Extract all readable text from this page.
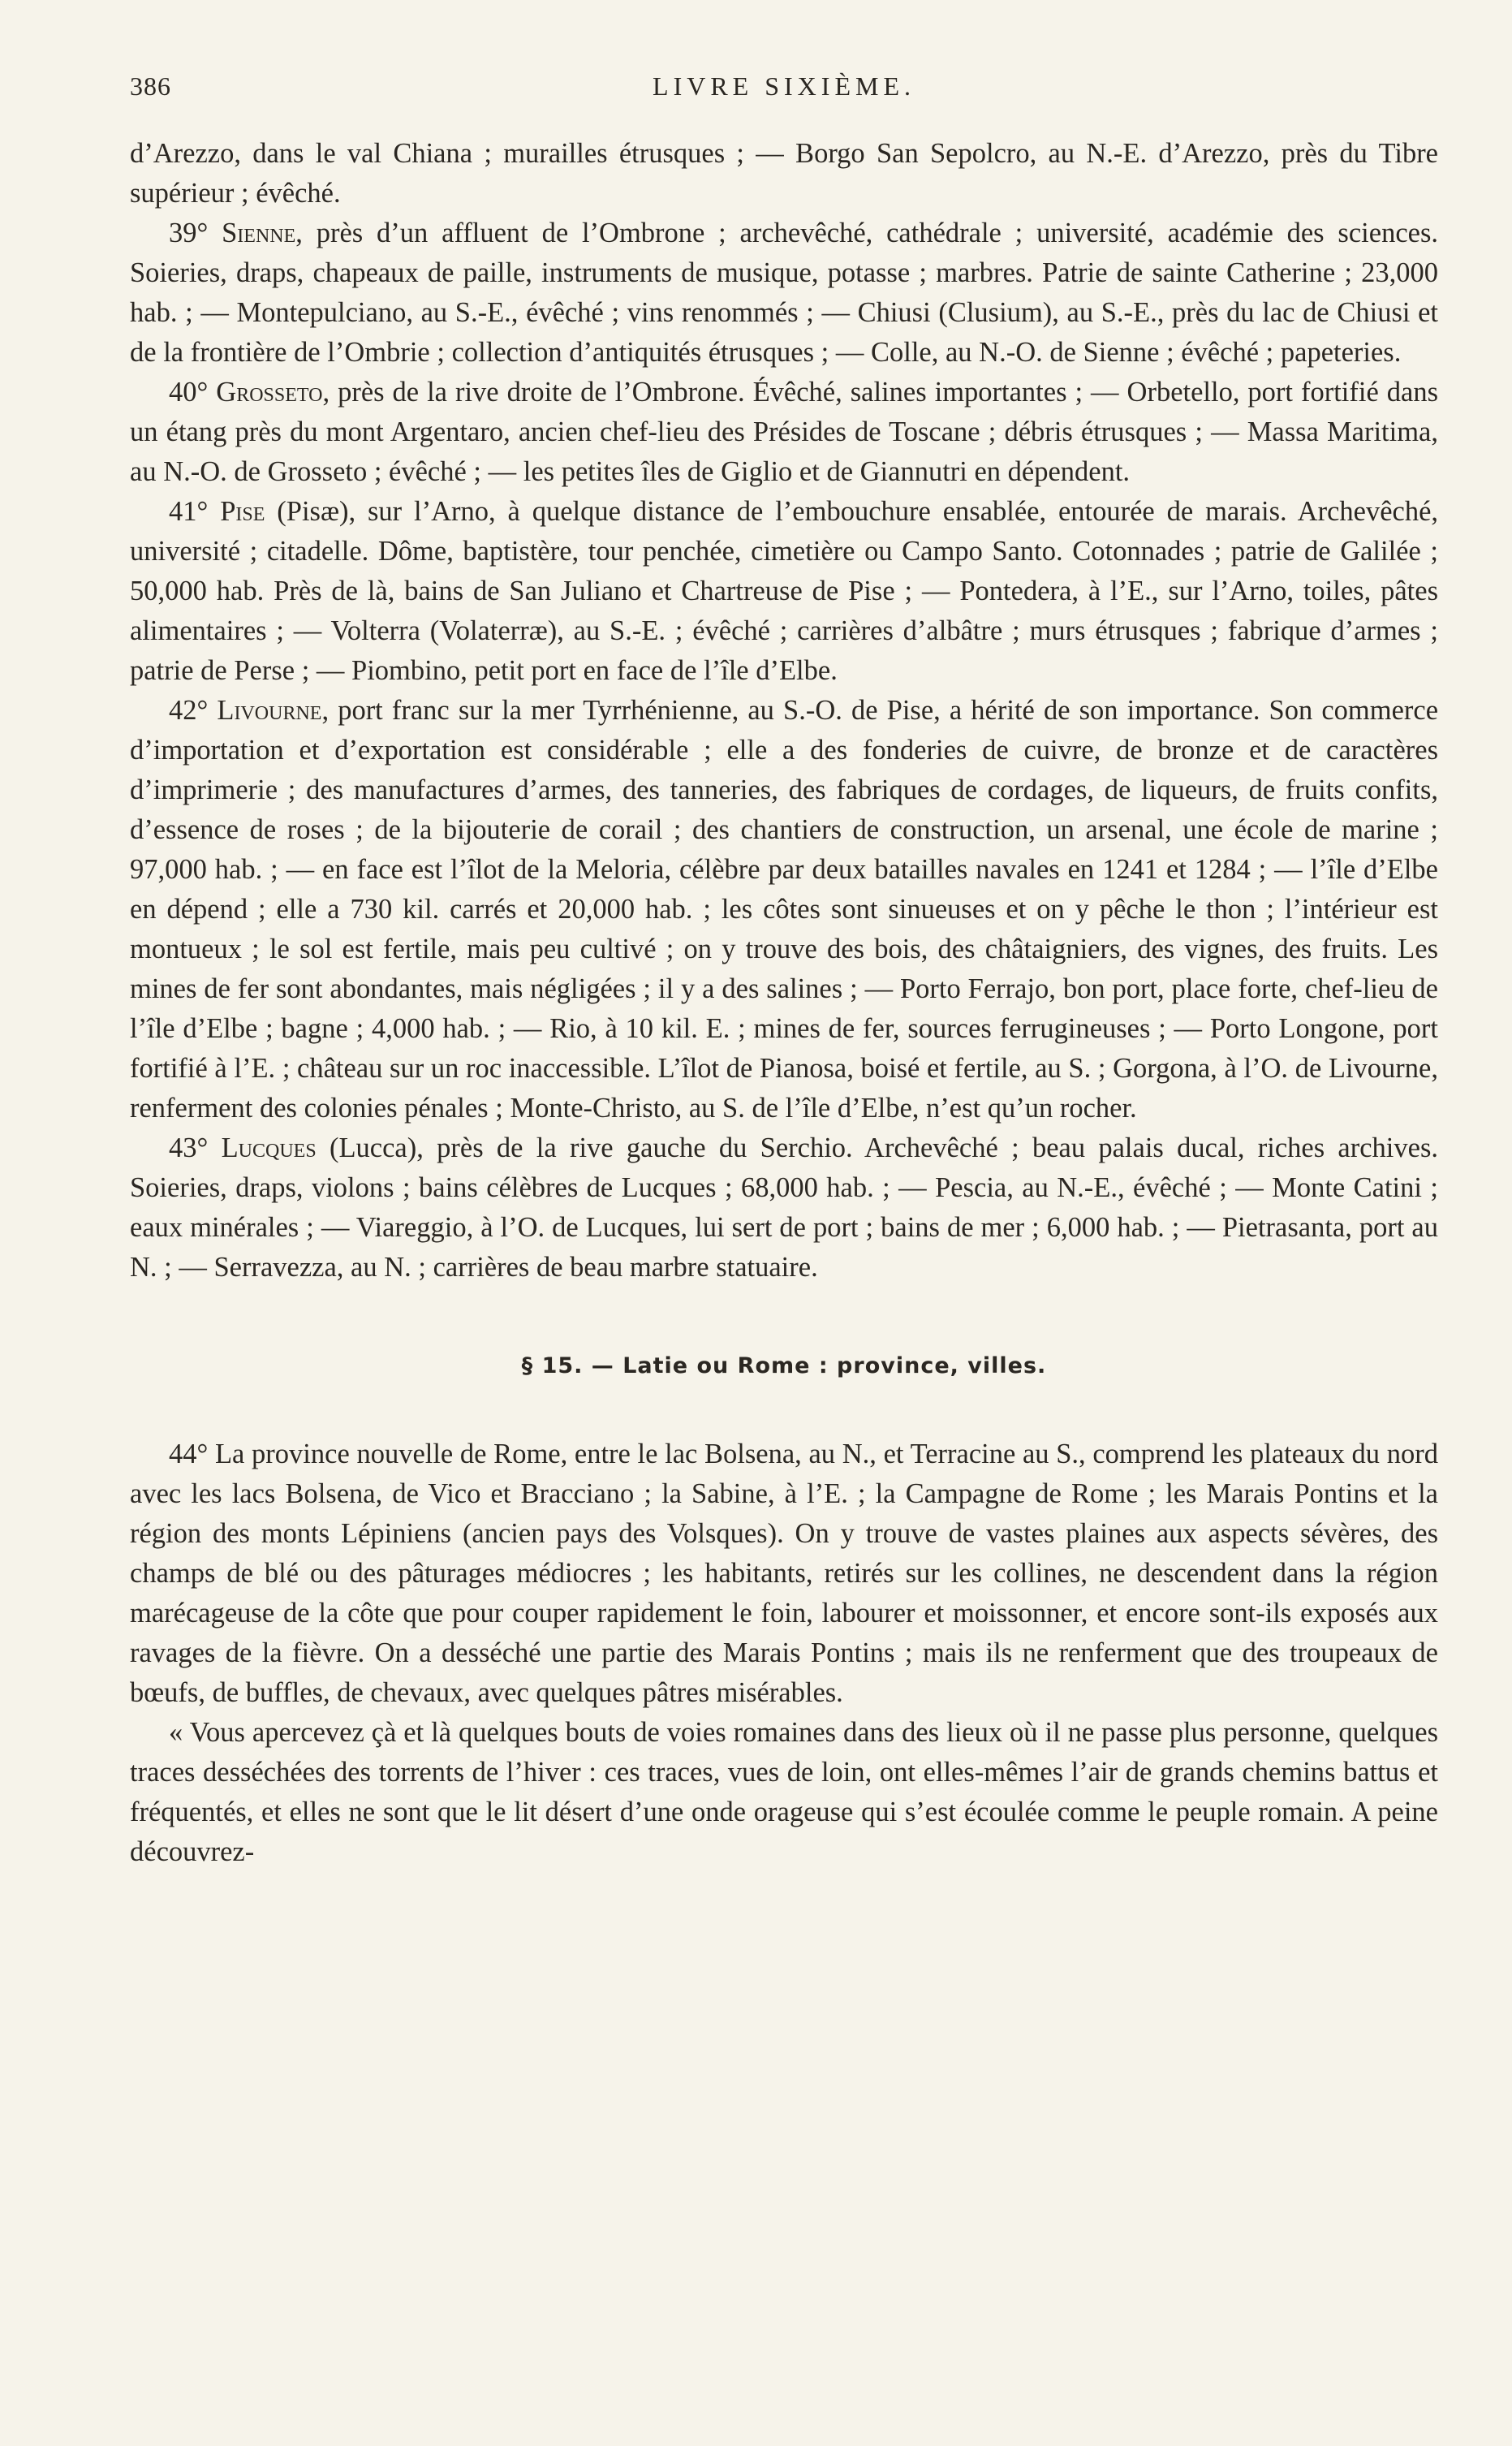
386	LIVRE SIXIÈME.

d’Arezzo, dans le val Chiana ; murailles étrusques ; — Borgo San Sepolcro, au N.-E. d’Arezzo, près du Tibre supérieur ; évêché.

39° Sienne, près d’un affluent de l’Ombrone ; archevêché, cathédrale ; université, académie des sciences. Soieries, draps, chapeaux de paille, instruments de musique, potasse ; marbres. Patrie de sainte Catherine ; 23,000 hab. ; — Montepulciano, au S.-E., évêché ; vins renommés ; — Chiusi (Clusium), au S.-E., près du lac de Chiusi et de la frontière de l’Ombrie ; collection d’antiquités étrusques ; — Colle, au N.-O. de Sienne ; évêché ; papeteries.

40° Grosseto, près de la rive droite de l’Ombrone. Évêché, salines importantes ; — Orbetello, port fortifié dans un étang près du mont Argentaro, ancien chef-lieu des Présides de Toscane ; débris étrusques ; — Massa Maritima, au N.-O. de Grosseto ; évêché ; — les petites îles de Giglio et de Giannutri en dépendent.

41° Pise (Pisæ), sur l’Arno, à quelque distance de l’embouchure ensablée, entourée de marais. Archevêché, université ; citadelle. Dôme, baptistère, tour penchée, cimetière ou Campo Santo. Cotonnades ; patrie de Galilée ; 50,000 hab. Près de là, bains de San Juliano et Chartreuse de Pise ; — Pontedera, à l’E., sur l’Arno, toiles, pâtes alimentaires ; — Volterra (Volaterræ), au S.-E. ; évêché ; carrières d’albâtre ; murs étrusques ; fabrique d’armes ; patrie de Perse ; — Piombino, petit port en face de l’île d’Elbe.

42° Livourne, port franc sur la mer Tyrrhénienne, au S.-O. de Pise, a hérité de son importance. Son commerce d’importation et d’exportation est considérable ; elle a des fonderies de cuivre, de bronze et de caractères d’imprimerie ; des manufactures d’armes, des tanneries, des fabriques de cordages, de liqueurs, de fruits confits, d’essence de roses ; de la bijouterie de corail ; des chantiers de construction, un arsenal, une école de marine ; 97,000 hab. ; — en face est l’îlot de la Meloria, célèbre par deux batailles navales en 1241 et 1284 ; — l’île d’Elbe en dépend ; elle a 730 kil. carrés et 20,000 hab. ; les côtes sont sinueuses et on y pêche le thon ; l’intérieur est montueux ; le sol est fertile, mais peu cultivé ; on y trouve des bois, des châtaigniers, des vignes, des fruits. Les mines de fer sont abondantes, mais négligées ; il y a des salines ; — Porto Ferrajo, bon port, place forte, chef-lieu de l’île d’Elbe ; bagne ; 4,000 hab. ; — Rio, à 10 kil. E. ; mines de fer, sources ferrugineuses ; — Porto Longone, port fortifié à l’E. ; château sur un roc inaccessible. L’îlot de Pianosa, boisé et fertile, au S. ; Gorgona, à l’O. de Livourne, renferment des colonies pénales ; Monte-Christo, au S. de l’île d’Elbe, n’est qu’un rocher.

43° Lucques (Lucca), près de la rive gauche du Serchio. Archevêché ; beau palais ducal, riches archives. Soieries, draps, violons ; bains célèbres de Lucques ; 68,000 hab. ; — Pescia, au N.-E., évêché ; — Monte Catini ; eaux minérales ; — Viareggio, à l’O. de Lucques, lui sert de port ; bains de mer ; 6,000 hab. ; — Pietrasanta, port au N. ; — Serravezza, au N. ; carrières de beau marbre statuaire.

§ 15. — Latie ou Rome : province, villes.

44° La province nouvelle de Rome, entre le lac Bolsena, au N., et Terracine au S., comprend les plateaux du nord avec les lacs Bolsena, de Vico et Bracciano ; la Sabine, à l’E. ; la Campagne de Rome ; les Marais Pontins et la région des monts Lépiniens (ancien pays des Volsques). On y trouve de vastes plaines aux aspects sévères, des champs de blé ou des pâturages médiocres ; les habitants, retirés sur les collines, ne descendent dans la région marécageuse de la côte que pour couper rapidement le foin, labourer et moissonner, et encore sont-ils exposés aux ravages de la fièvre. On a desséché une partie des Marais Pontins ; mais ils ne renferment que des troupeaux de bœufs, de buffles, de chevaux, avec quelques pâtres misérables.

« Vous apercevez çà et là quelques bouts de voies romaines dans des lieux où il ne passe plus personne, quelques traces desséchées des torrents de l’hiver : ces traces, vues de loin, ont elles-mêmes l’air de grands chemins battus et fréquentés, et elles ne sont que le lit désert d’une onde orageuse qui s’est écoulée comme le peuple romain. A peine découvrez-
